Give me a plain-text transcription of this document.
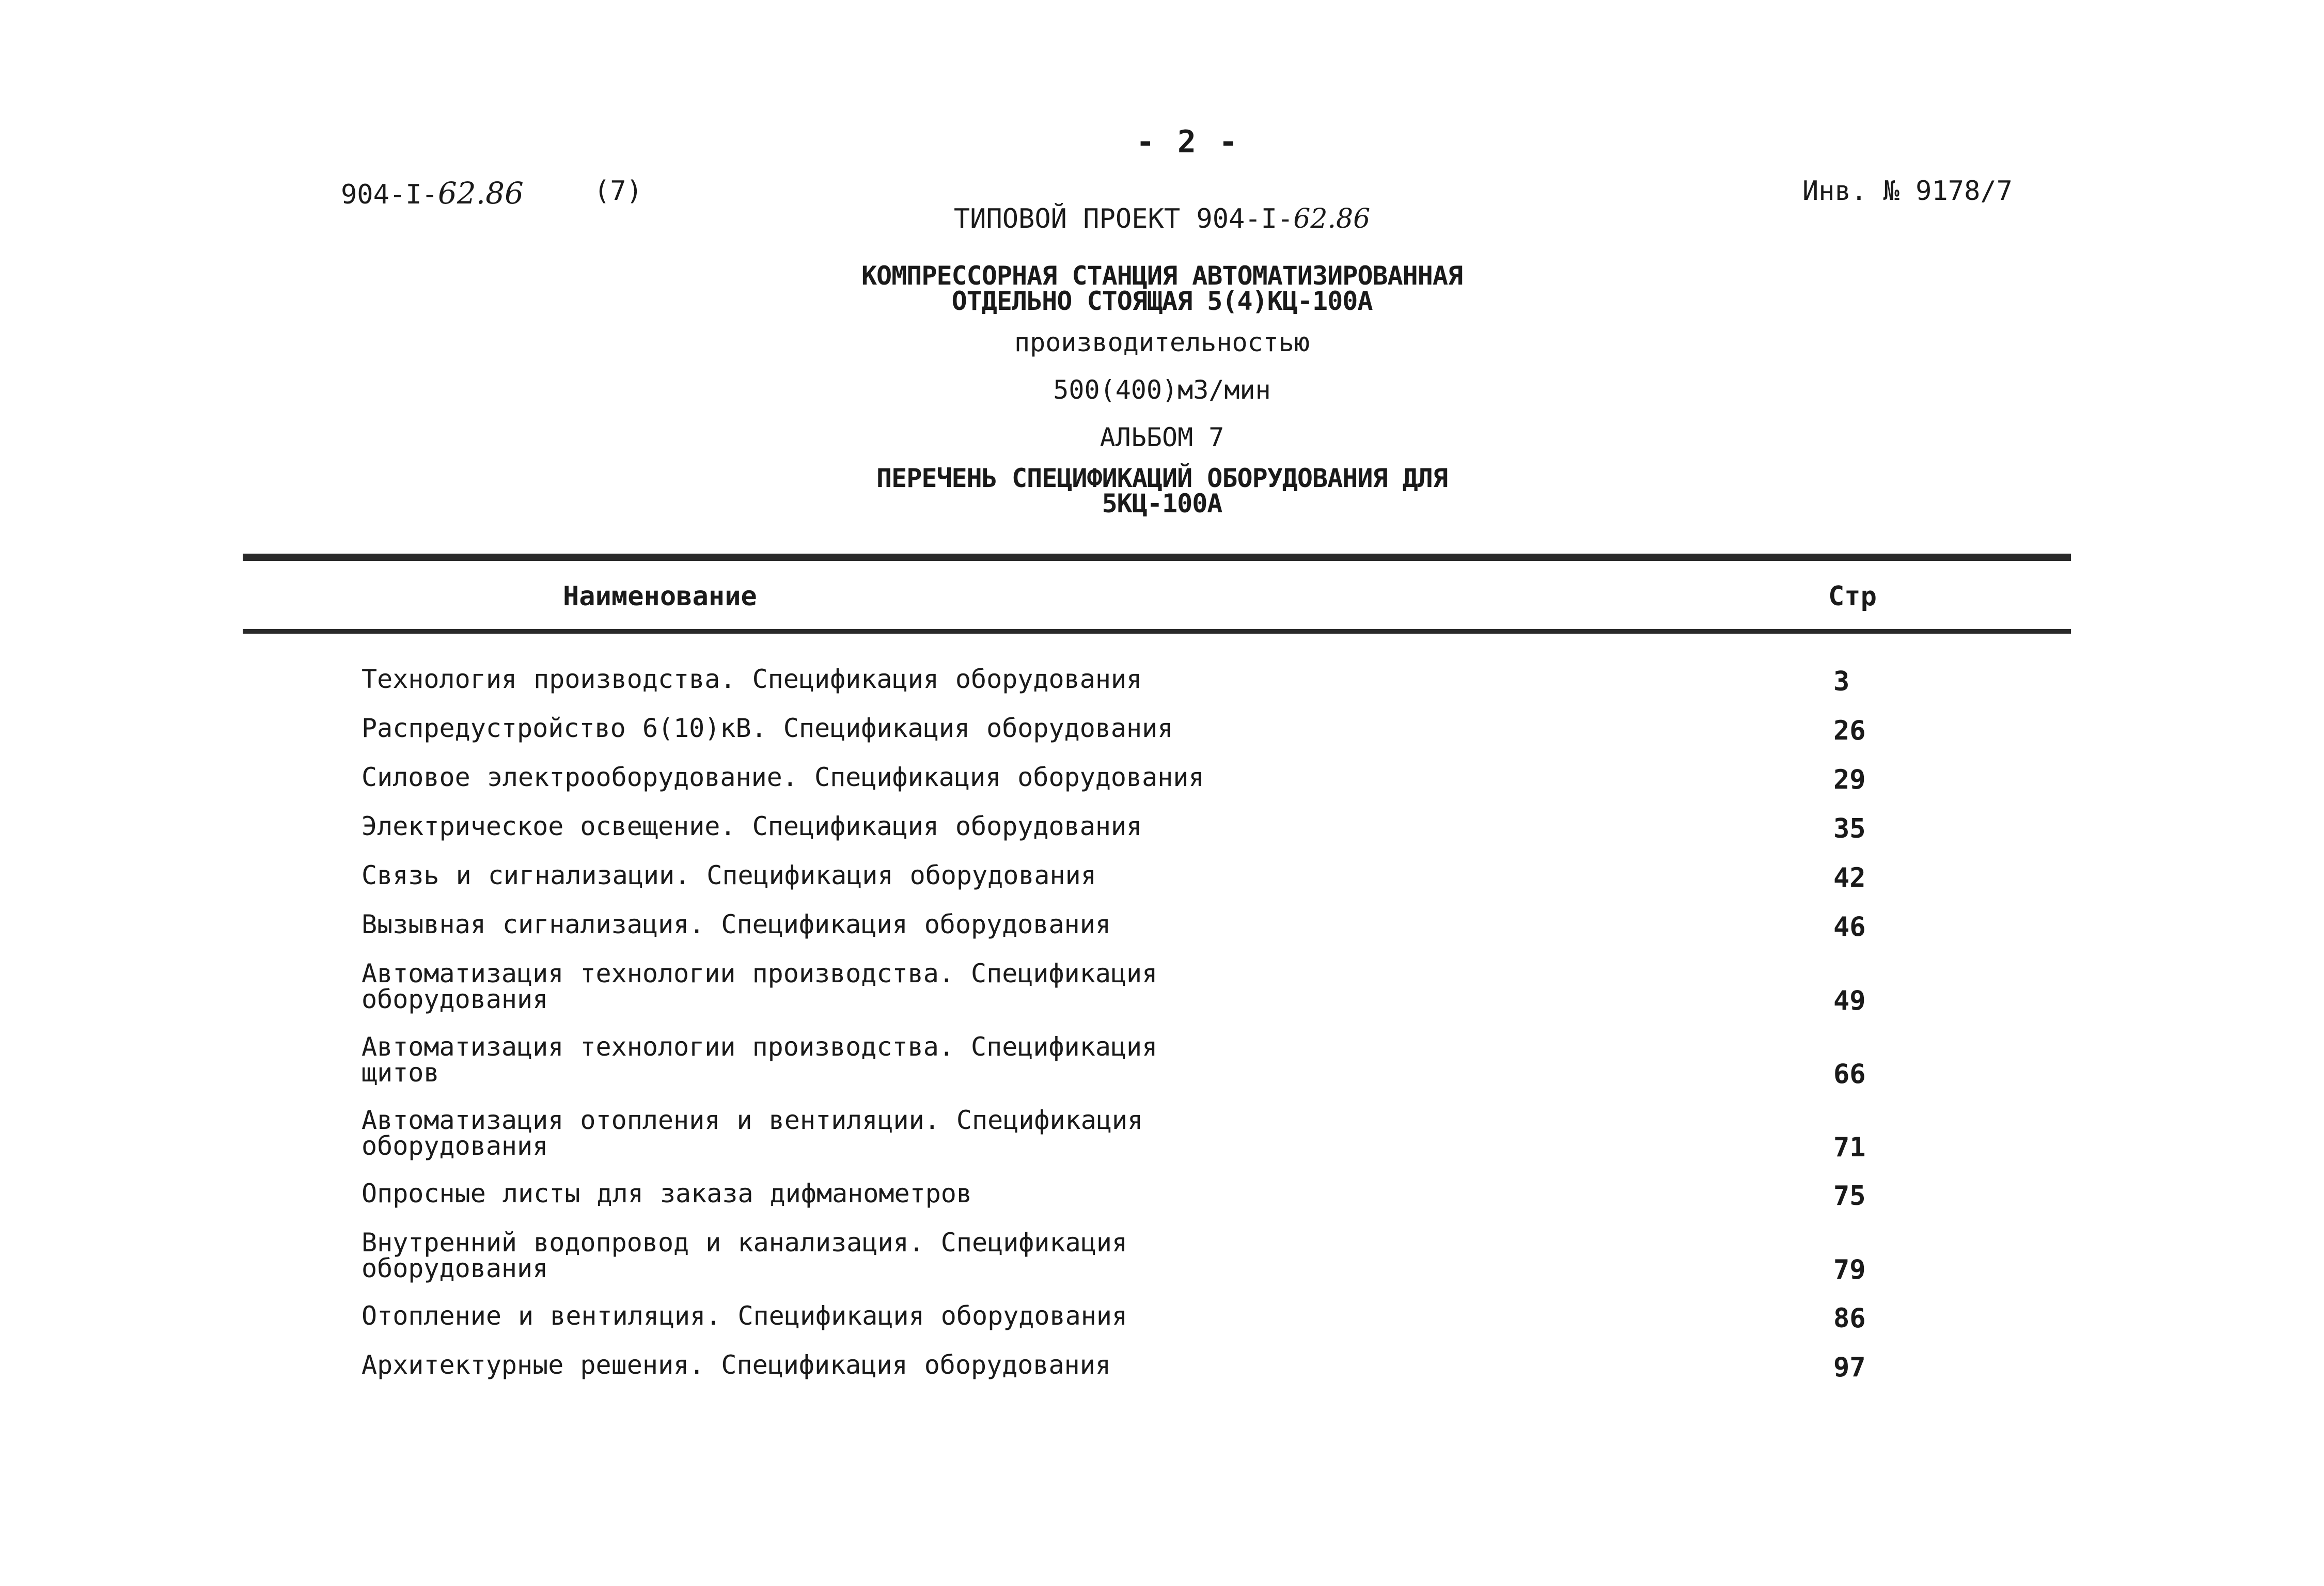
- 2 -
904-I-62.86	(7)	Инв. № 9178/7
ТИПОВОЙ ПРОЕКТ 904-I-62.86
КОМПРЕССОРНАЯ СТАНЦИЯ АВТОМАТИЗИРОВАННАЯ
ОТДЕЛЬНО СТОЯЩАЯ 5(4)КЦ-100А
производительностью
500(400)м3/мин
АЛЬБОМ 7
ПЕРЕЧЕНЬ СПЕЦИФИКАЦИЙ ОБОРУДОВАНИЯ ДЛЯ
5КЦ-100А
Наименование	Стр
Технология производства. Спецификация оборудования	3
Распредустройство 6(10)кВ. Спецификация оборудования	26
Силовое электрооборудование. Спецификация оборудования	29
Электрическое освещение. Спецификация оборудования	35
Связь и сигнализации. Спецификация оборудования	42
Вызывная сигнализация. Спецификация оборудования	46
Автоматизация технологии производства. Спецификация оборудования	49
Автоматизация технологии производства. Спецификация щитов	66
Автоматизация отопления и вентиляции. Спецификация оборудования	71
Опросные листы для заказа дифманометров	75
Внутренний водопровод и канализация. Спецификация оборудования	79
Отопление и вентиляция. Спецификация оборудования	86
Архитектурные решения. Спецификация оборудования	97
